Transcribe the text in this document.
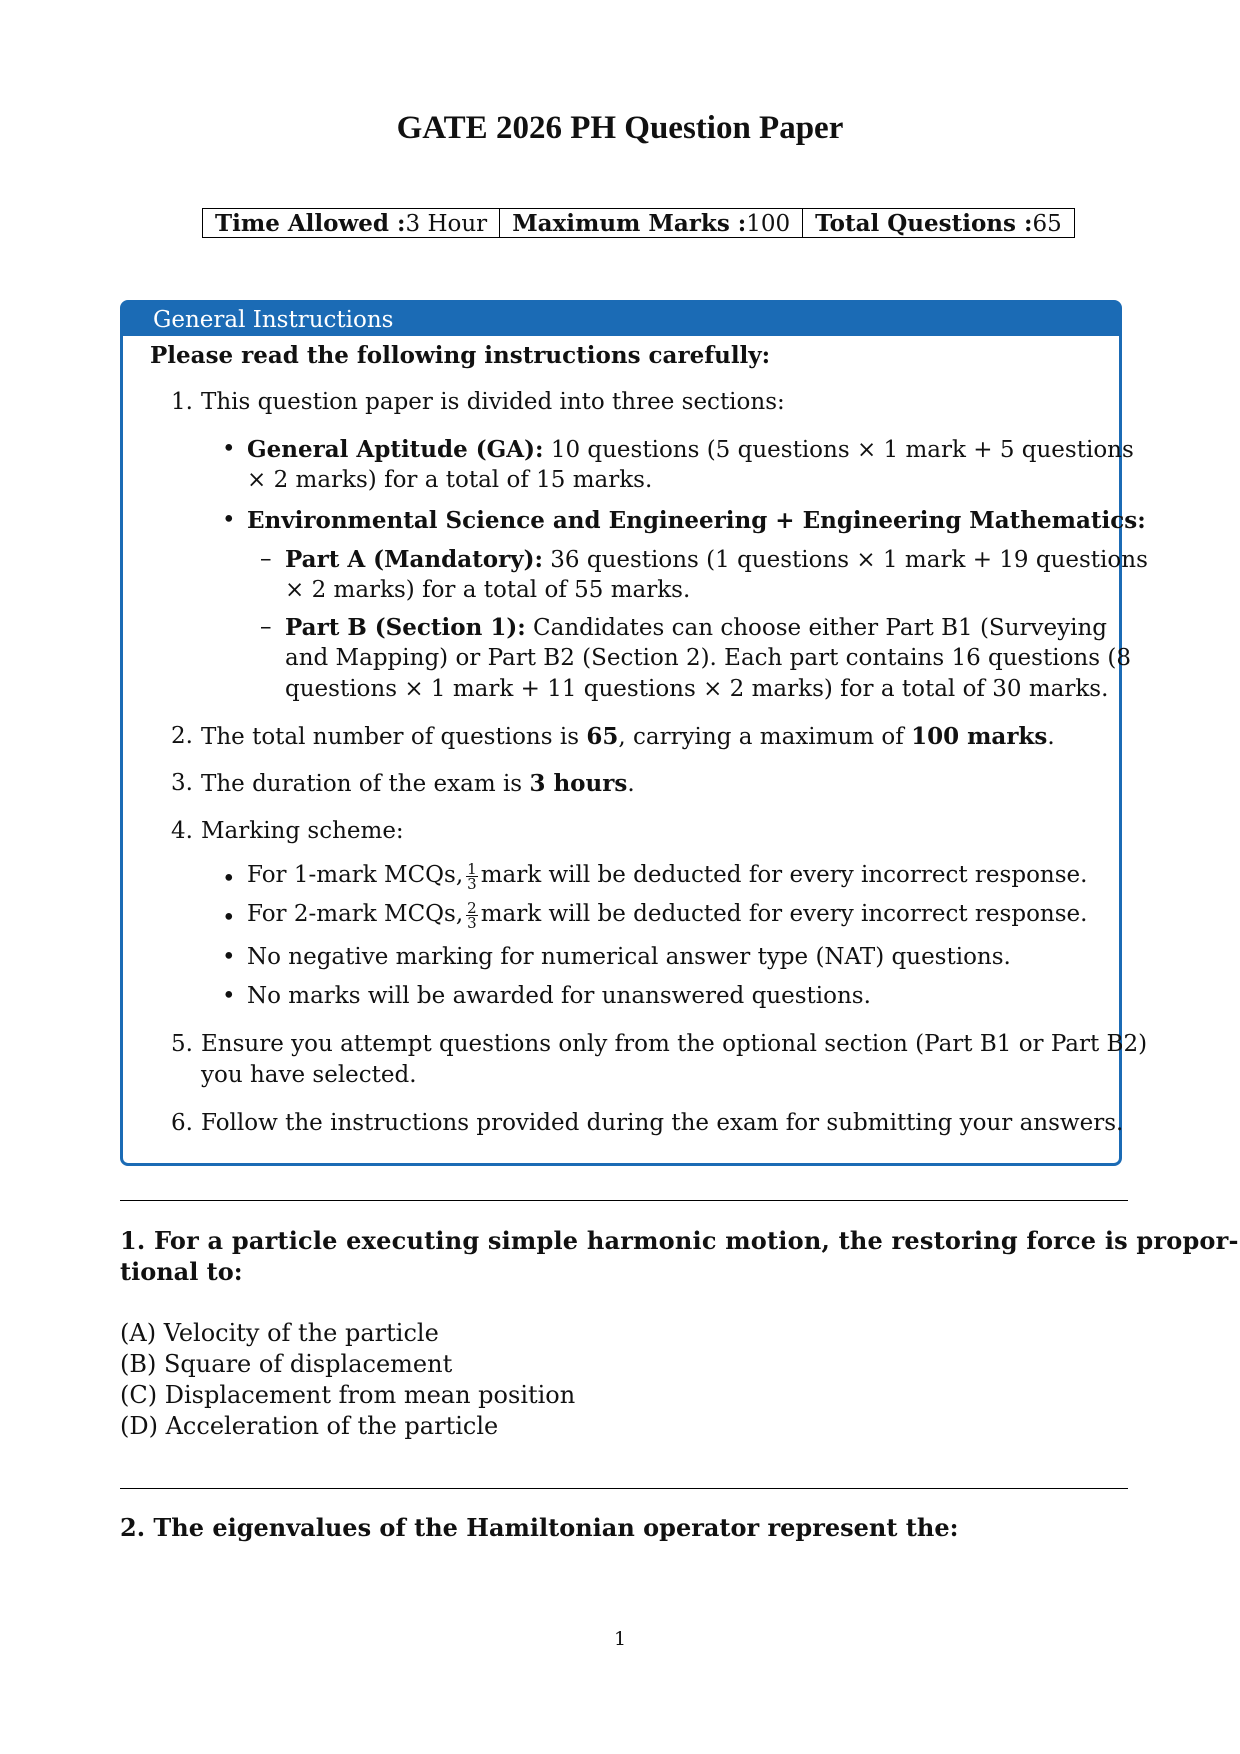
GATE 2026 PH Question Paper
Time Allowed :3 Hour	Maximum Marks :100	Total Questions :65
General Instructions
Please read the following instructions carefully:
1. This question paper is divided into three sections:
• General Aptitude (GA): 10 questions (5 questions × 1 mark + 5 questions
× 2 marks) for a total of 15 marks.
• Environmental Science and Engineering + Engineering Mathematics:
– Part A (Mandatory): 36 questions (1 questions × 1 mark + 19 questions
× 2 marks) for a total of 55 marks.
– Part B (Section 1): Candidates can choose either Part B1 (Surveying
and Mapping) or Part B2 (Section 2). Each part contains 16 questions (8
questions × 1 mark + 11 questions × 2 marks) for a total of 30 marks.
2. The total number of questions is 65, carrying a maximum of 100 marks.
3. The duration of the exam is 3 hours.
4. Marking scheme:
• For 1-mark MCQs, $\frac{1}{3}$ mark will be deducted for every incorrect response.
• For 2-mark MCQs, $\frac{2}{3}$ mark will be deducted for every incorrect response.
• No negative marking for numerical answer type (NAT) questions.
• No marks will be awarded for unanswered questions.
5. Ensure you attempt questions only from the optional section (Part B1 or Part B2)
you have selected.
6. Follow the instructions provided during the exam for submitting your answers.
1. For a particle executing simple harmonic motion, the restoring force is propor-
tional to:
(A) Velocity of the particle
(B) Square of displacement
(C) Displacement from mean position
(D) Acceleration of the particle
2. The eigenvalues of the Hamiltonian operator represent the:
1
